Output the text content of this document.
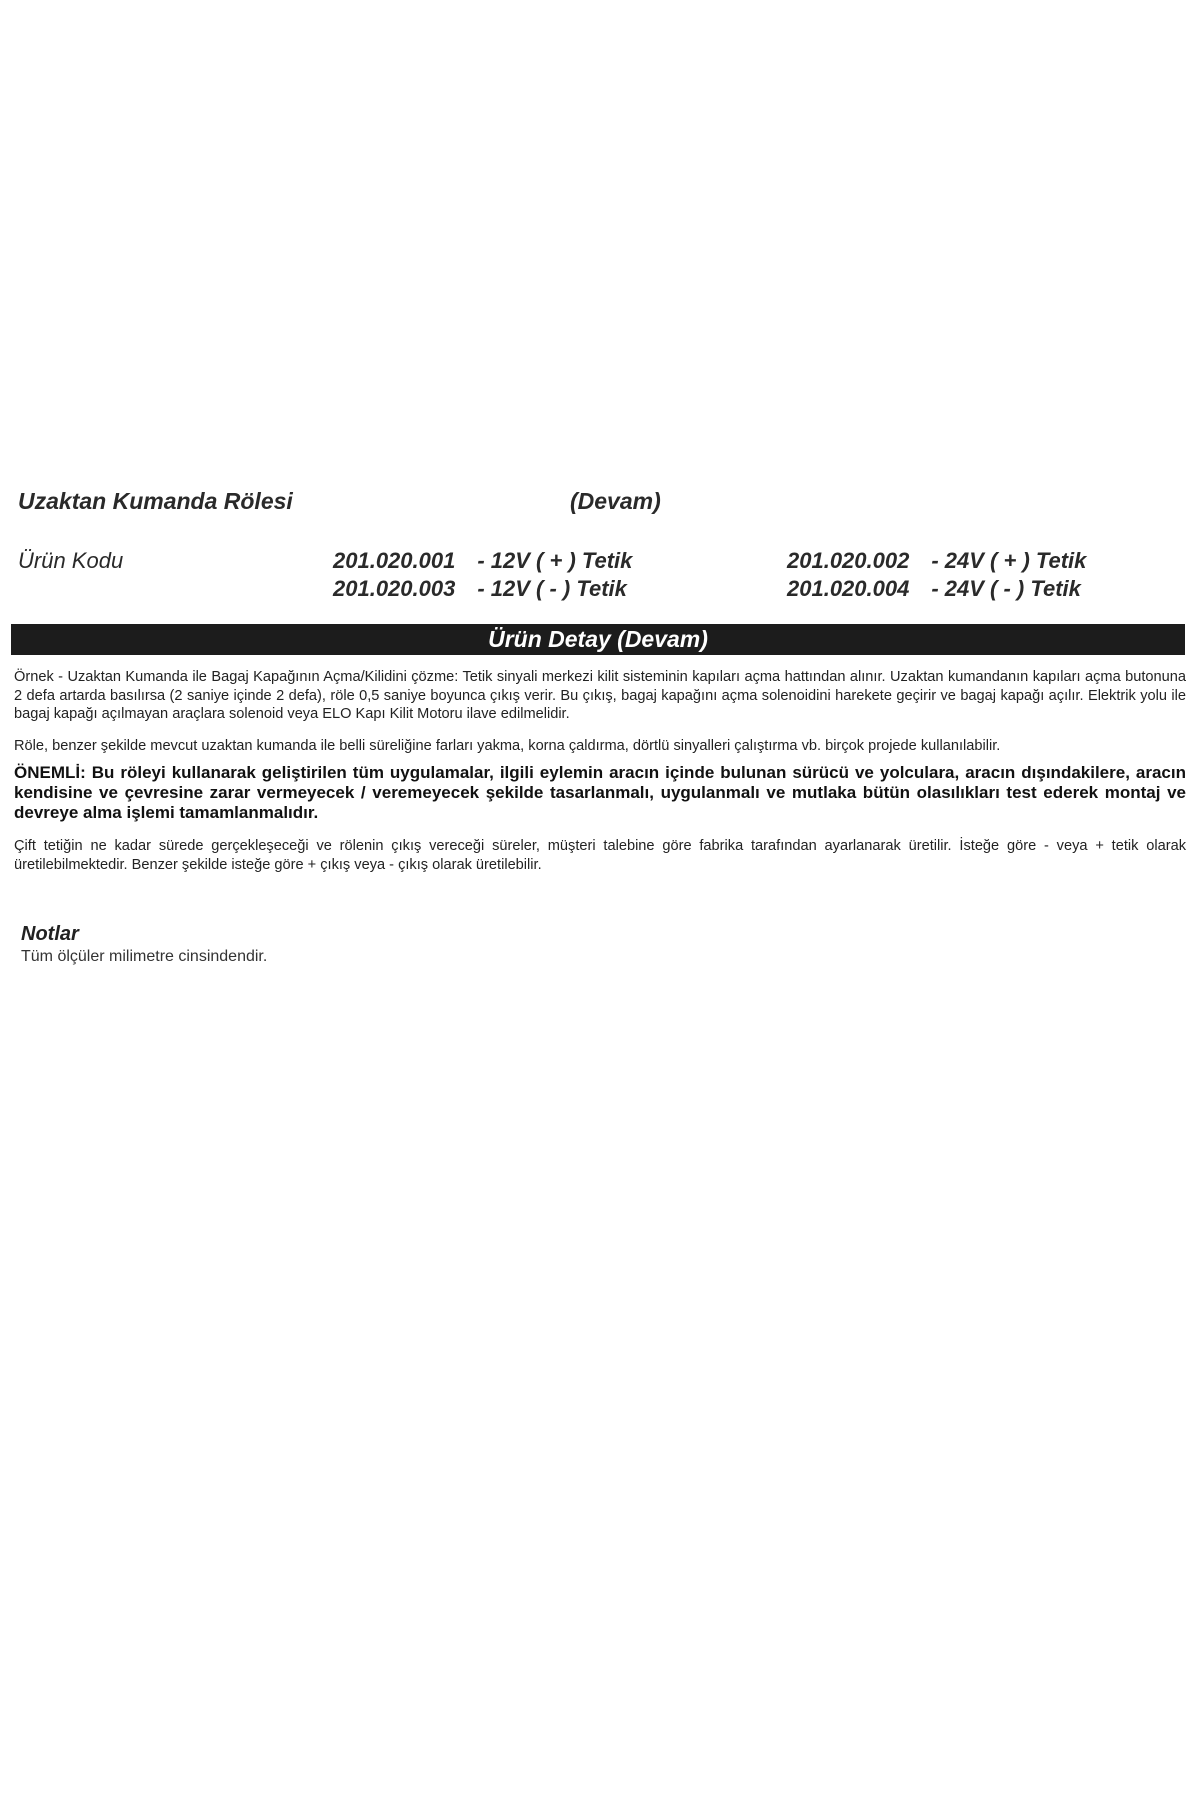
Uzaktan Kumanda Rölesi	(Devam)
Ürün Kodu	201.020.001 - 12V ( + ) Tetik
201.020.003 - 12V ( - ) Tetik
201.020.002 - 24V ( + ) Tetik
201.020.004 - 24V ( - ) Tetik
Ürün Detay (Devam)
Örnek - Uzaktan Kumanda ile Bagaj Kapağının Açma/Kilidini çözme: Tetik sinyali merkezi kilit sisteminin kapıları açma hattından alınır. Uzaktan kumandanın kapıları açma butonuna 2 defa artarda basılırsa (2 saniye içinde 2 defa), röle 0,5 saniye boyunca çıkış verir. Bu çıkış, bagaj kapağını açma solenoidini harekete geçirir ve bagaj kapağı açılır. Elektrik yolu ile bagaj kapağı açılmayan araçlara solenoid veya ELO Kapı Kilit Motoru ilave edilmelidir.
Röle, benzer şekilde mevcut uzaktan kumanda ile belli süreliğine farları yakma, korna çaldırma, dörtlü sinyalleri çalıştırma vb. birçok projede kullanılabilir.
ÖNEMLİ: Bu röleyi kullanarak geliştirilen tüm uygulamalar, ilgili eylemin aracın içinde bulunan sürücü ve yolculara, aracın dışındakilere, aracın kendisine ve çevresine zarar vermeyecek / veremeyecek şekilde tasarlanmalı, uygulanmalı ve mutlaka bütün olasılıkları test ederek montaj ve devreye alma işlemi tamamlanmalıdır.
Çift tetiğin ne kadar sürede gerçekleşeceği ve rölenin çıkış vereceği süreler, müşteri talebine göre fabrika tarafından ayarlanarak üretilir. İsteğe göre - veya + tetik olarak üretilebilmektedir. Benzer şekilde isteğe göre + çıkış veya - çıkış olarak üretilebilir.
Notlar
Tüm ölçüler milimetre cinsindendir.
